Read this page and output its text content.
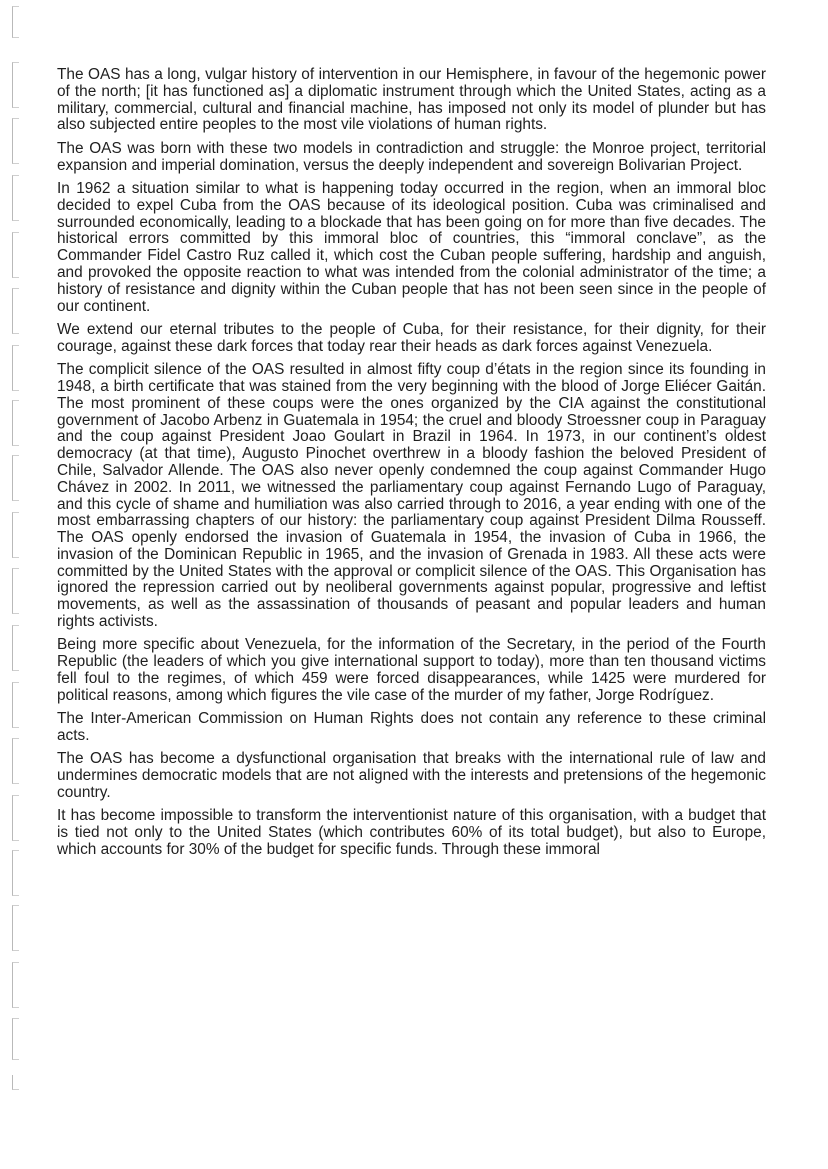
The OAS has a long, vulgar history of intervention in our Hemisphere, in favour of the hegemonic power of the north; [it has functioned as] a diplomatic instrument through which the United States, acting as a military, commercial, cultural and financial machine, has imposed not only its model of plunder but has also subjected entire peoples to the most vile violations of human rights.

The OAS was born with these two models in contradiction and struggle: the Monroe project, territorial expansion and imperial domination, versus the deeply independent and sovereign Bolivarian Project.

In 1962 a situation similar to what is happening today occurred in the region, when an immoral bloc decided to expel Cuba from the OAS because of its ideological position. Cuba was criminalised and surrounded economically, leading to a blockade that has been going on for more than five decades. The historical errors committed by this immoral bloc of countries, this “immoral conclave”, as the Commander Fidel Castro Ruz called it, which cost the Cuban people suffering, hardship and anguish, and provoked the opposite reaction to what was intended from the colonial administrator of the time; a history of resistance and dignity within the Cuban people that has not been seen since in the people of our continent.

We extend our eternal tributes to the people of Cuba, for their resistance, for their dignity, for their courage, against these dark forces that today rear their heads as dark forces against Venezuela.

The complicit silence of the OAS resulted in almost fifty coup d’états in the region since its founding in 1948, a birth certificate that was stained from the very beginning with the blood of Jorge Eliécer Gaitán. The most prominent of these coups were the ones organized by the CIA against the constitutional government of Jacobo Arbenz in Guatemala in 1954; the cruel and bloody Stroessner coup in Paraguay and the coup against President Joao Goulart in Brazil in 1964. In 1973, in our continent’s oldest democracy (at that time), Augusto Pinochet overthrew in a bloody fashion the beloved President of Chile, Salvador Allende. The OAS also never openly condemned the coup against Commander Hugo Chávez in 2002. In 2011, we witnessed the parliamentary coup against Fernando Lugo of Paraguay, and this cycle of shame and humiliation was also carried through to 2016, a year ending with one of the most embarrassing chapters of our history: the parliamentary coup against President Dilma Rousseff. The OAS openly endorsed the invasion of Guatemala in 1954, the invasion of Cuba in 1966, the invasion of the Dominican Republic in 1965, and the invasion of Grenada in 1983. All these acts were committed by the United States with the approval or complicit silence of the OAS. This Organisation has ignored the repression carried out by neoliberal governments against popular, progressive and leftist movements, as well as the assassination of thousands of peasant and popular leaders and human rights activists.

Being more specific about Venezuela, for the information of the Secretary, in the period of the Fourth Republic (the leaders of which you give international support to today), more than ten thousand victims fell foul to the regimes, of which 459 were forced disappearances, while 1425 were murdered for political reasons, among which figures the vile case of the murder of my father, Jorge Rodríguez.

The Inter-American Commission on Human Rights does not contain any reference to these criminal acts.

The OAS has become a dysfunctional organisation that breaks with the international rule of law and undermines democratic models that are not aligned with the interests and pretensions of the hegemonic country.

It has become impossible to transform the interventionist nature of this organisation, with a budget that is tied not only to the United States (which contributes 60% of its total budget), but also to Europe, which accounts for 30% of the budget for specific funds. Through these immoral
